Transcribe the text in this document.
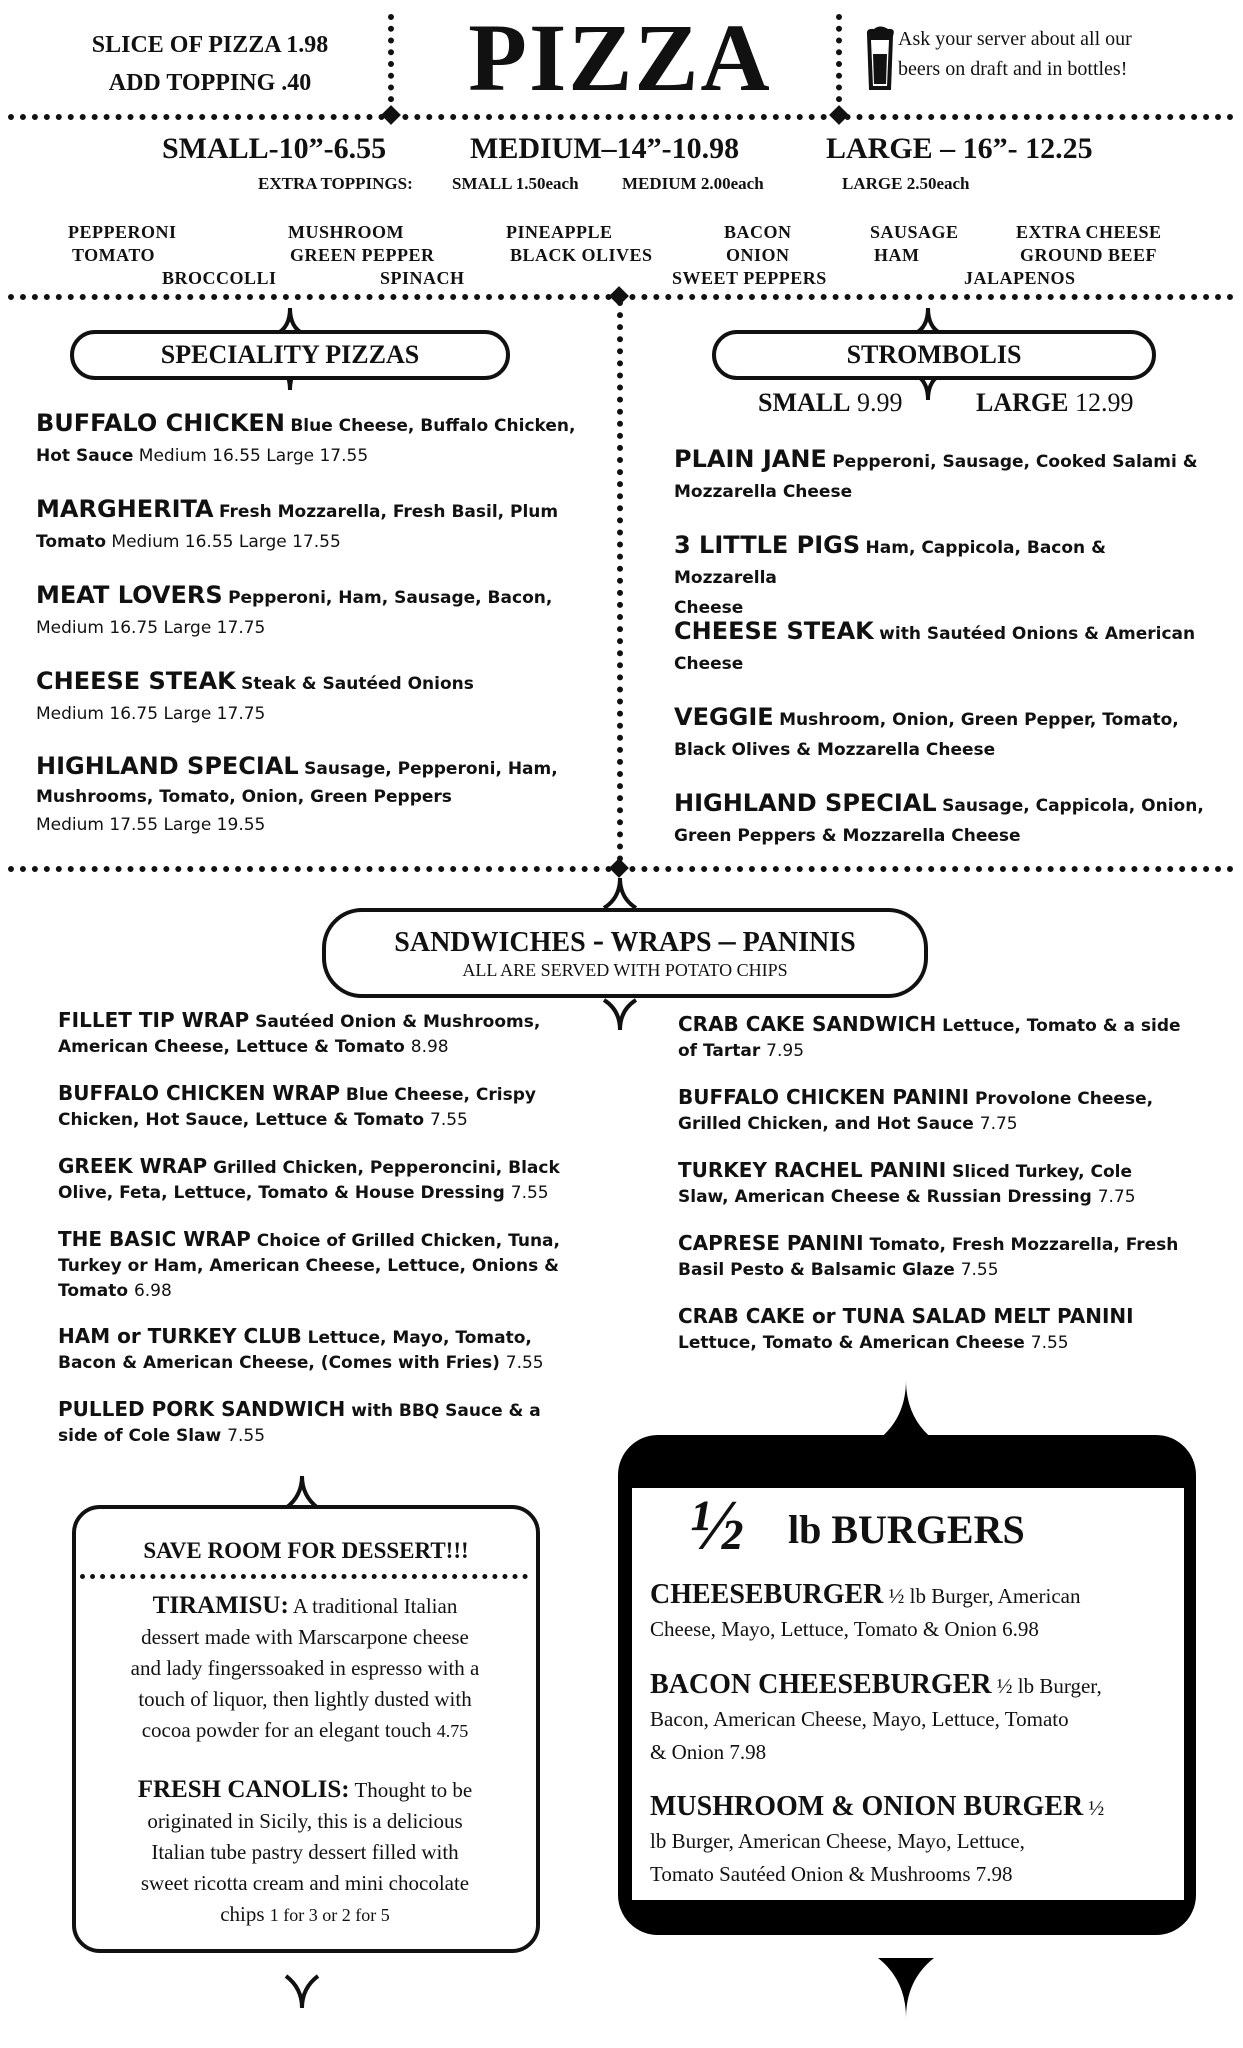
SLICE OF PIZZA 1.98
ADD TOPPING .40	PIZZA	Ask your server about all our
beers on draft and in bottles!
SMALL-10”-6.55	MEDIUM–14”-10.98	LARGE – 16”- 12.25
EXTRA TOPPINGS: SMALL 1.50each	MEDIUM 2.00each	LARGE 2.50each
PEPPERONI	MUSHROOM	PINEAPPLE	BACON	SAUSAGE	EXTRA CHEESE
TOMATO	GREEN PEPPER	BLACK OLIVES	ONION	HAM	GROUND BEEF
BROCCOLLI	SPINACH	SWEET PEPPERS	JALAPENOS
SPECIALITY PIZZAS
BUFFALO CHICKEN Blue Cheese, Buffalo Chicken,
Hot Sauce Medium 16.55 Large 17.55
MARGHERITA Fresh Mozzarella, Fresh Basil, Plum
Tomato Medium 16.55 Large 17.55
MEAT LOVERS Pepperoni, Ham, Sausage, Bacon,
Medium 16.75 Large 17.75
CHEESE STEAK Steak & Sautéed Onions
Medium 16.75 Large 17.75
HIGHLAND SPECIAL Sausage, Pepperoni, Ham,
Mushrooms, Tomato, Onion, Green Peppers
Medium 17.55 Large 19.55
STROMBOLIS
SMALL 9.99	LARGE 12.99
PLAIN JANE Pepperoni, Sausage, Cooked Salami &
Mozzarella Cheese
3 LITTLE PIGS Ham, Cappicola, Bacon & Mozzarella
Cheese
CHEESE STEAK with Sautéed Onions & American
Cheese
VEGGIE Mushroom, Onion, Green Pepper, Tomato,
Black Olives & Mozzarella Cheese
HIGHLAND SPECIAL Sausage, Cappicola, Onion,
Green Peppers & Mozzarella Cheese
SANDWICHES - WRAPS – PANINIS
ALL ARE SERVED WITH POTATO CHIPS
FILLET TIP WRAP Sautéed Onion & Mushrooms,
American Cheese, Lettuce & Tomato 8.98
BUFFALO CHICKEN WRAP Blue Cheese, Crispy
Chicken, Hot Sauce, Lettuce & Tomato 7.55
GREEK WRAP Grilled Chicken, Pepperoncini, Black
Olive, Feta, Lettuce, Tomato & House Dressing 7.55
THE BASIC WRAP Choice of Grilled Chicken, Tuna,
Turkey or Ham, American Cheese, Lettuce, Onions &
Tomato 6.98
HAM or TURKEY CLUB Lettuce, Mayo, Tomato,
Bacon & American Cheese, (Comes with Fries) 7.55
PULLED PORK SANDWICH with BBQ Sauce & a
side of Cole Slaw 7.55
CRAB CAKE SANDWICH Lettuce, Tomato & a side
of Tartar 7.95
BUFFALO CHICKEN PANINI Provolone Cheese,
Grilled Chicken, and Hot Sauce 7.75
TURKEY RACHEL PANINI Sliced Turkey, Cole
Slaw, American Cheese & Russian Dressing 7.75
CAPRESE PANINI Tomato, Fresh Mozzarella, Fresh
Basil Pesto & Balsamic Glaze 7.55
CRAB CAKE or TUNA SALAD MELT PANINI
Lettuce, Tomato & American Cheese 7.55
SAVE ROOM FOR DESSERT!!!
TIRAMISU: A traditional Italian
dessert made with Marscarpone cheese
and lady fingerssoaked in espresso with a
touch of liquor, then lightly dusted with
cocoa powder for an elegant touch 4.75
FRESH CANOLIS: Thought to be
originated in Sicily, this is a delicious
Italian tube pastry dessert filled with
sweet ricotta cream and mini chocolate
chips 1 for 3 or 2 for 5
½ lb BURGERS
CHEESEBURGER ½ lb Burger, American
Cheese, Mayo, Lettuce, Tomato & Onion 6.98
BACON CHEESEBURGER ½ lb Burger,
Bacon, American Cheese, Mayo, Lettuce, Tomato
& Onion 7.98
MUSHROOM & ONION BURGER ½
lb Burger, American Cheese, Mayo, Lettuce,
Tomato Sautéed Onion & Mushrooms 7.98
